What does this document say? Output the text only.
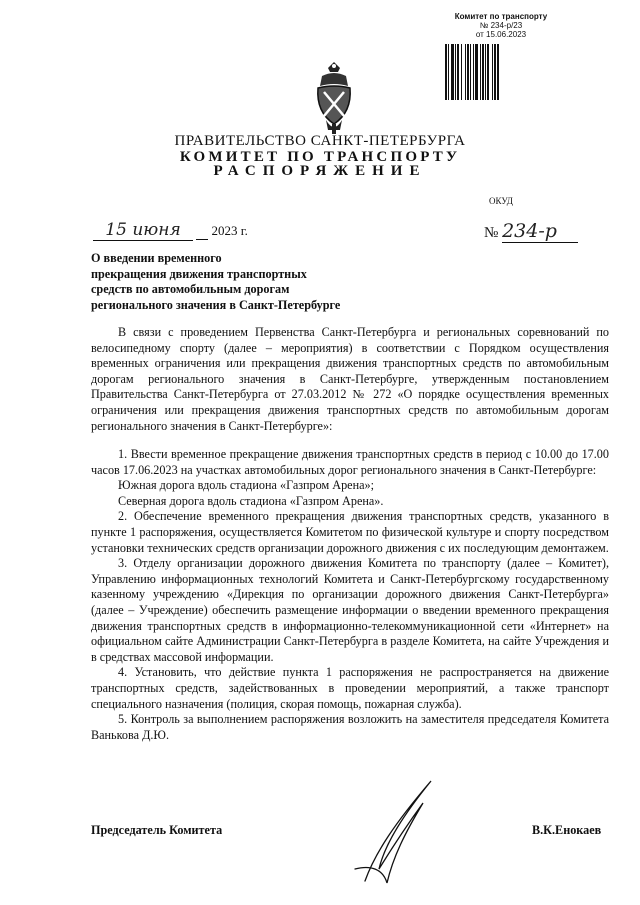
Комитет по транспорту
№ 234-р/23
от 15.06.2023
ПРАВИТЕЛЬСТВО САНКТ-ПЕТЕРБУРГА
КОМИТЕТ ПО ТРАНСПОРТУ
РАСПОРЯЖЕНИЕ
ОКУД
15 июня 2023 г.	№ 234-р
О введении временного
прекращения движения транспортных
средств по автомобильным дорогам
регионального значения в Санкт-Петербурге

В связи с проведением Первенства Санкт-Петербурга и региональных соревнований по велосипедному спорту (далее – мероприятия) в соответствии с Порядком осуществления временных ограничения или прекращения движения транспортных средств по автомобильным дорогам регионального значения в Санкт-Петербурге, утвержденным постановлением Правительства Санкт-Петербурга от 27.03.2012 № 272 «О порядке осуществления временных ограничения или прекращения движения транспортных средств по автомобильным дорогам регионального значения в Санкт-Петербурге»:

1. Ввести временное прекращение движения транспортных средств в период с 10.00 до 17.00 часов 17.06.2023 на участках автомобильных дорог регионального значения в Санкт-Петербурге:

Южная дорога вдоль стадиона «Газпром Арена»;

Северная дорога вдоль стадиона «Газпром Арена».

2. Обеспечение временного прекращения движения транспортных средств, указанного в пункте 1 распоряжения, осуществляется Комитетом по физической культуре и спорту посредством установки технических средств организации дорожного движения с их последующим демонтажем.

3. Отделу организации дорожного движения Комитета по транспорту (далее – Комитет), Управлению информационных технологий Комитета и Санкт-Петербургскому государственному казенному учреждению «Дирекция по организации дорожного движения Санкт-Петербурга» (далее – Учреждение) обеспечить размещение информации о введении временного прекращения движения транспортных средств в информационно-телекоммуникационной сети «Интернет» на официальном сайте Администрации Санкт-Петербурга в разделе Комитета, на сайте Учреждения и в средствах массовой информации.

4. Установить, что действие пункта 1 распоряжения не распространяется на движение транспортных средств, задействованных в проведении мероприятий, а также транспорт специального назначения (полиция, скорая помощь, пожарная служба).

5. Контроль за выполнением распоряжения возложить на заместителя председателя Комитета Ванькова Д.Ю.

Председатель Комитета	В.К.Енокаев
